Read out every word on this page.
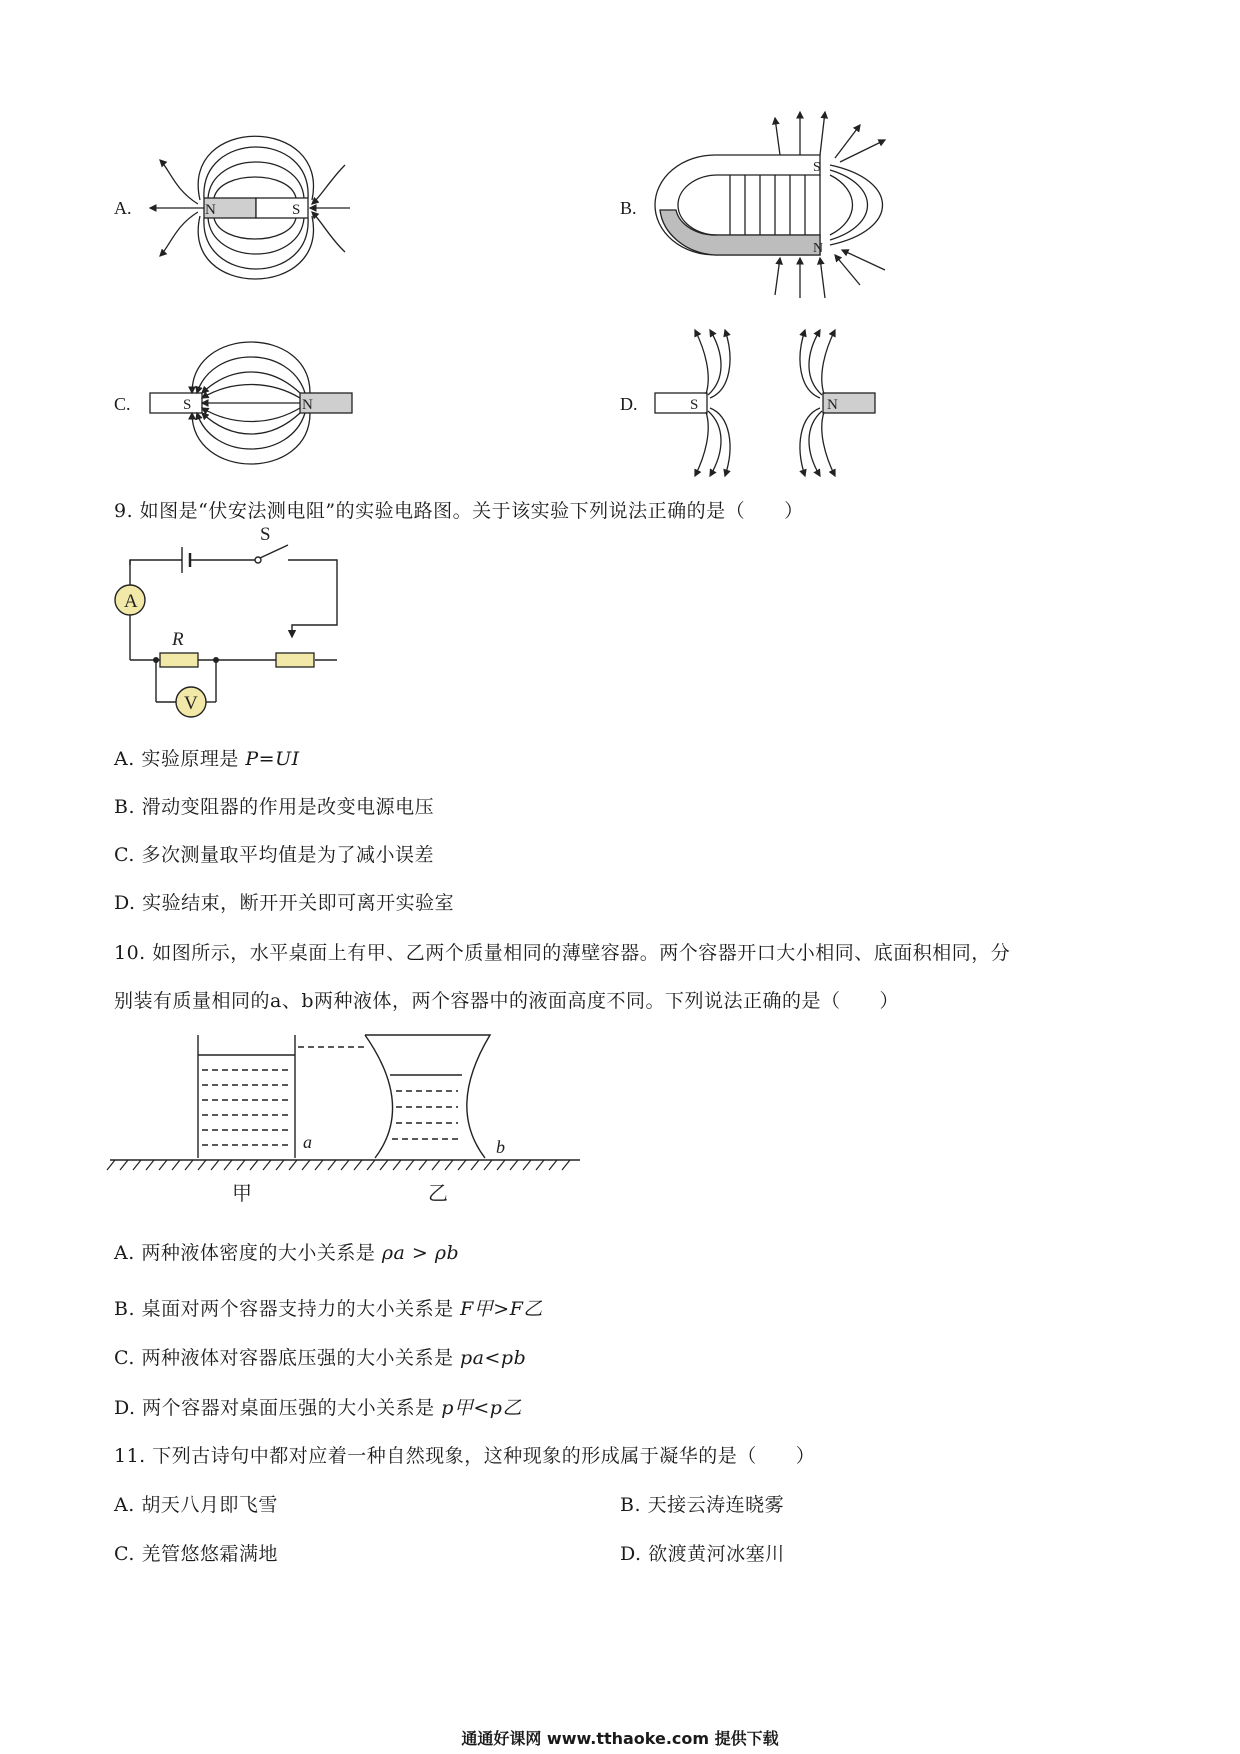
A.	B.
C.	D.
N	S
S
N
S	N	S	N
9. 如图是“伏安法测电阻”的实验电路图。关于该实验下列说法正确的是（　　）
A
V
S
R
A. 实验原理是 P=UI
B. 滑动变阻器的作用是改变电源电压
C. 多次测量取平均值是为了减小误差
D. 实验结束，断开开关即可离开实验室
10. 如图所示，水平桌面上有甲、乙两个质量相同的薄壁容器。两个容器开口大小相同、底面积相同，分
别装有质量相同的a、b两种液体，两个容器中的液面高度不同。下列说法正确的是（　　）
a	b
甲	乙
A. 两种液体密度的大小关系是 ρa > ρb
B. 桌面对两个容器支持力的大小关系是 F甲>F乙
C. 两种液体对容器底压强的大小关系是 pa<pb
D. 两个容器对桌面压强的大小关系是 p甲<p乙
11. 下列古诗句中都对应着一种自然现象，这种现象的形成属于凝华的是（　　）
A. 胡天八月即飞雪	B. 天接云涛连晓雾
C. 羌管悠悠霜满地	D. 欲渡黄河冰塞川
通通好课网 www.tthaoke.com 提供下载
